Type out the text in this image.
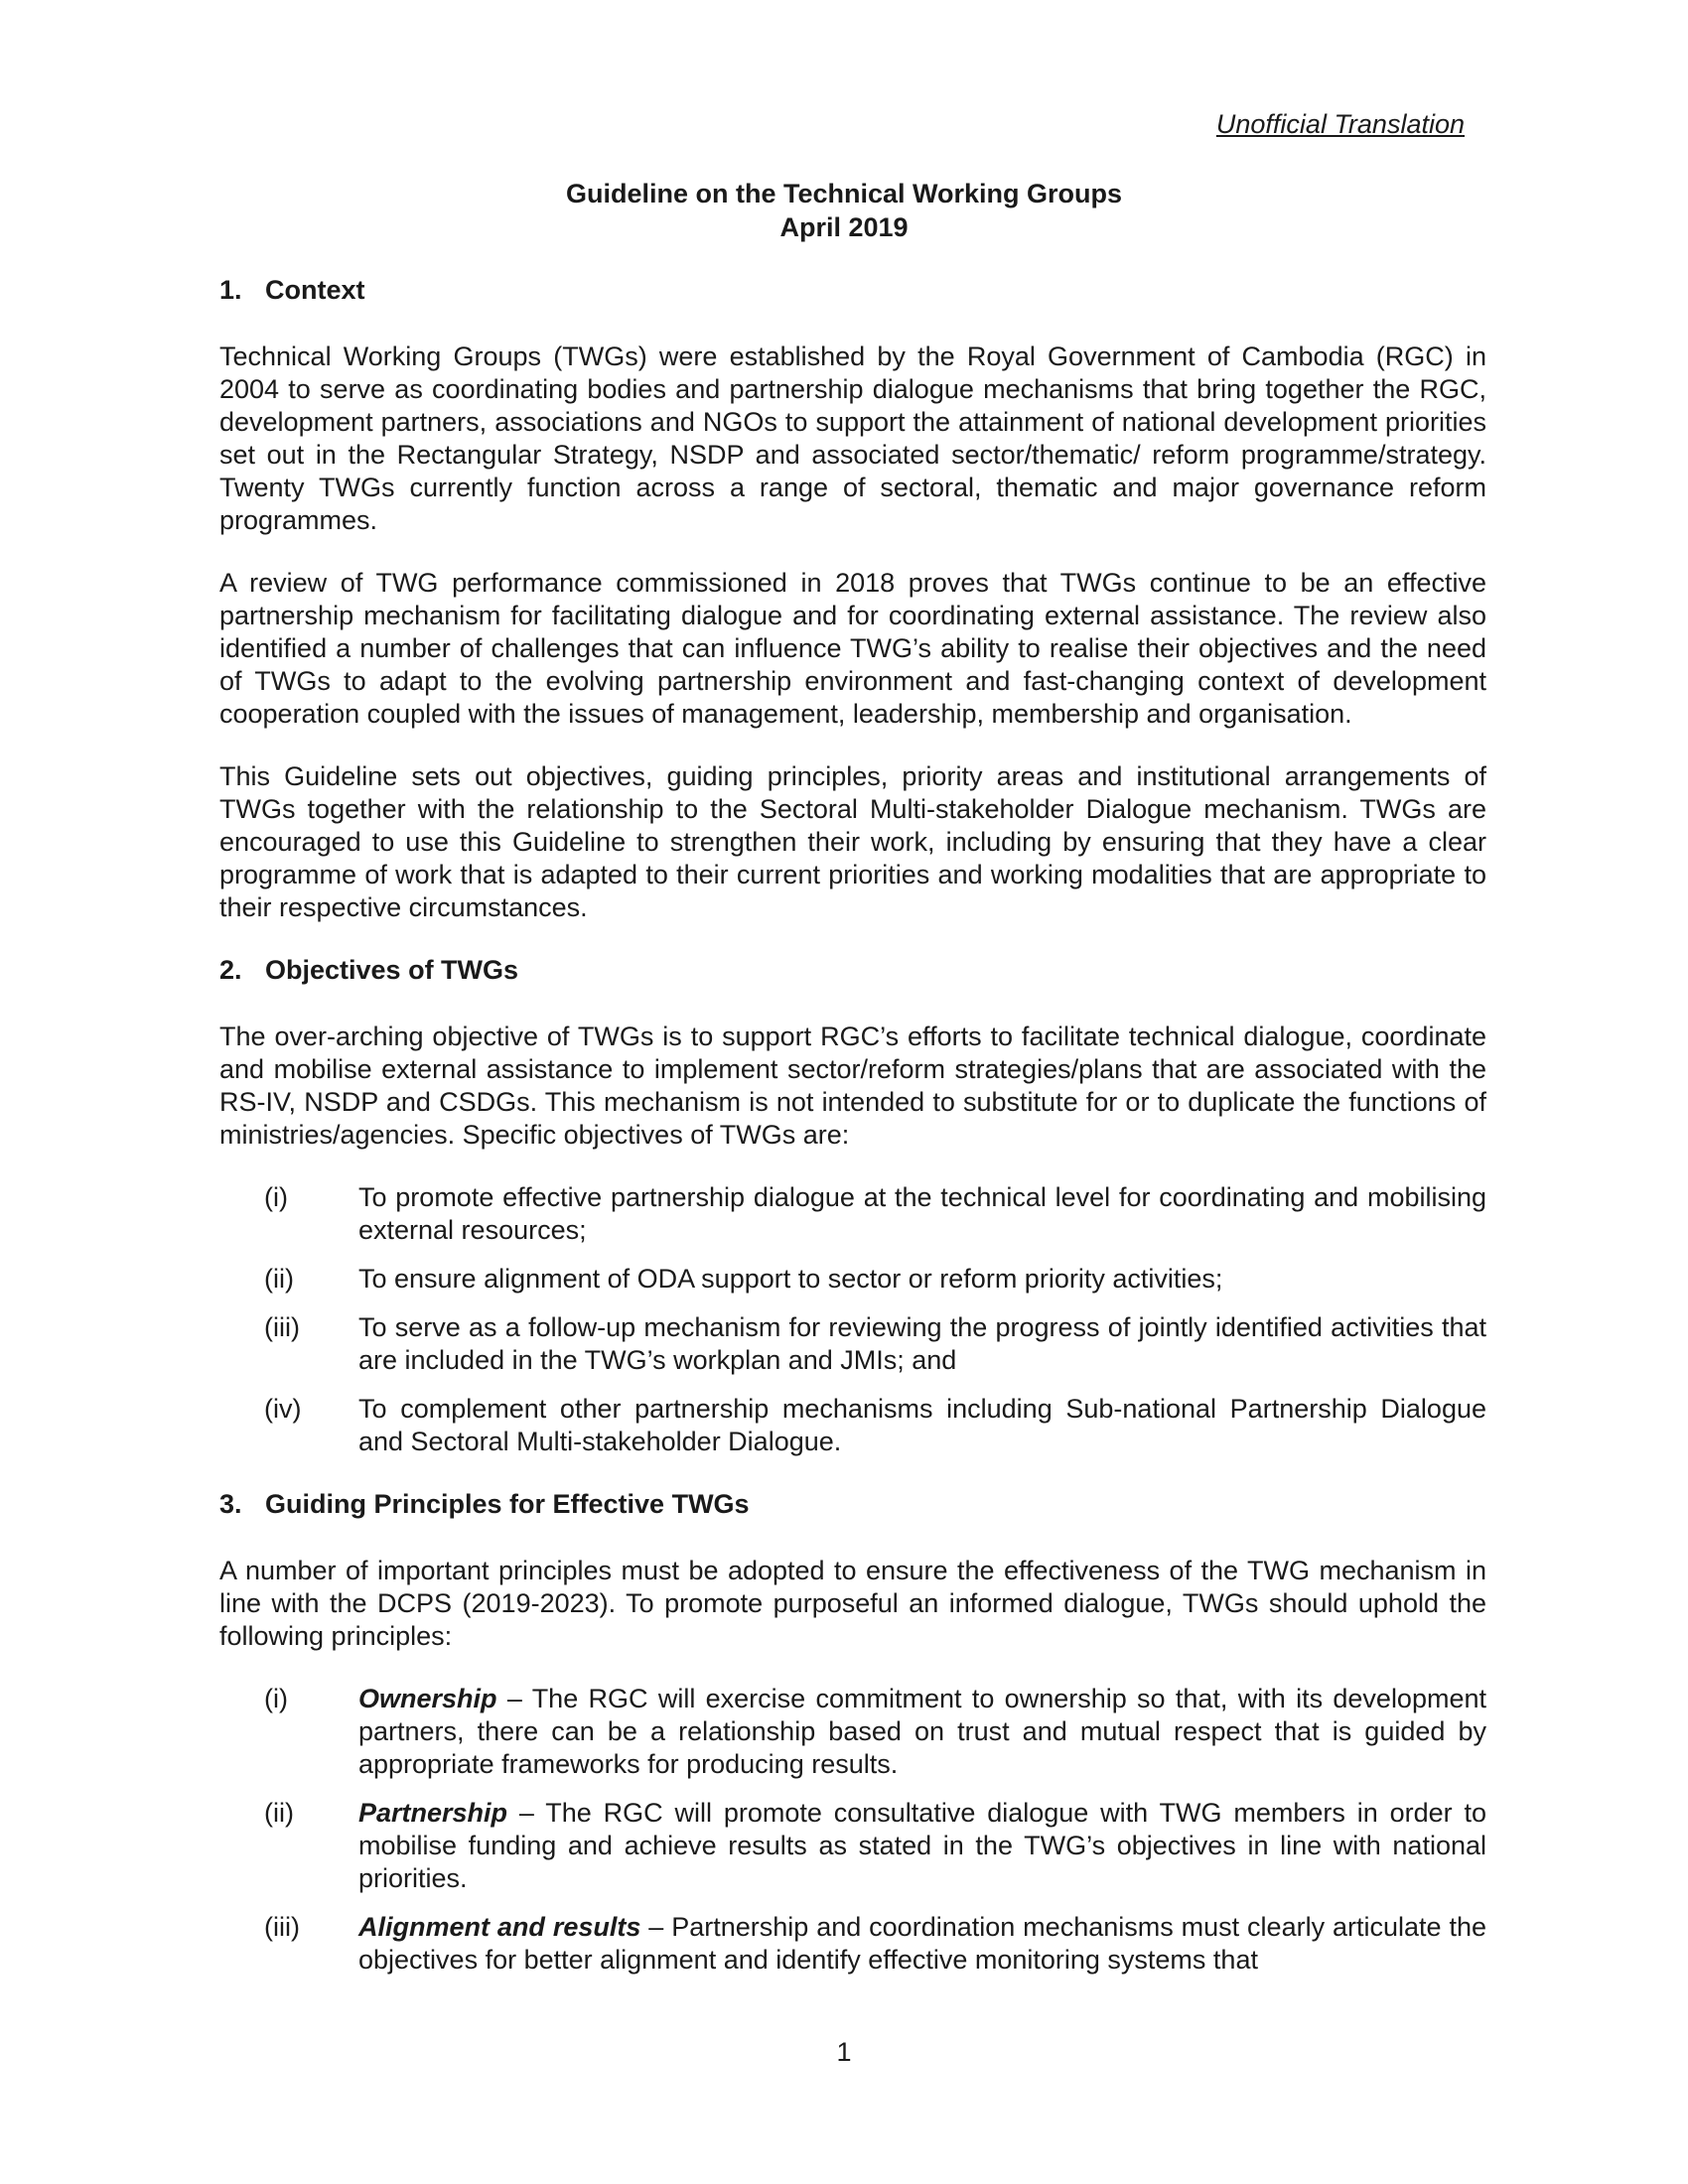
Unofficial Translation
Guideline on the Technical Working Groups
April 2019
1. Context

Technical Working Groups (TWGs) were established by the Royal Government of Cambodia (RGC) in 2004 to serve as coordinating bodies and partnership dialogue mechanisms that bring together the RGC, development partners, associations and NGOs to support the attainment of national development priorities set out in the Rectangular Strategy, NSDP and associated sector/thematic/ reform programme/strategy. Twenty TWGs currently function across a range of sectoral, thematic and major governance reform programmes.

A review of TWG performance commissioned in 2018 proves that TWGs continue to be an effective partnership mechanism for facilitating dialogue and for coordinating external assistance. The review also identified a number of challenges that can influence TWG’s ability to realise their objectives and the need of TWGs to adapt to the evolving partnership environment and fast-changing context of development cooperation coupled with the issues of management, leadership, membership and organisation.

This Guideline sets out objectives, guiding principles, priority areas and institutional arrangements of TWGs together with the relationship to the Sectoral Multi-stakeholder Dialogue mechanism. TWGs are encouraged to use this Guideline to strengthen their work, including by ensuring that they have a clear programme of work that is adapted to their current priorities and working modalities that are appropriate to their respective circumstances.

2. Objectives of TWGs

The over-arching objective of TWGs is to support RGC’s efforts to facilitate technical dialogue, coordinate and mobilise external assistance to implement sector/reform strategies/plans that are associated with the RS-IV, NSDP and CSDGs. This mechanism is not intended to substitute for or to duplicate the functions of ministries/agencies. Specific objectives of TWGs are:

(i)	To promote effective partnership dialogue at the technical level for coordinating and mobilising external resources;
(ii) To ensure alignment of ODA support to sector or reform priority activities;
(iii) To serve as a follow-up mechanism for reviewing the progress of jointly identified activities that are included in the TWG’s workplan and JMIs; and
(iv) To complement other partnership mechanisms including Sub-national Partnership Dialogue and Sectoral Multi-stakeholder Dialogue.
3. Guiding Principles for Effective TWGs

A number of important principles must be adopted to ensure the effectiveness of the TWG mechanism in line with the DCPS (2019-2023). To promote purposeful an informed dialogue, TWGs should uphold the following principles:

(i)	Ownership – The RGC will exercise commitment to ownership so that, with its development partners, there can be a relationship based on trust and mutual respect that is guided by appropriate frameworks for producing results.
(ii) Partnership – The RGC will promote consultative dialogue with TWG members in order to mobilise funding and achieve results as stated in the TWG’s objectives in line with national priorities.
(iii) Alignment and results – Partnership and coordination mechanisms must clearly articulate the objectives for better alignment and identify effective monitoring systems that
1
